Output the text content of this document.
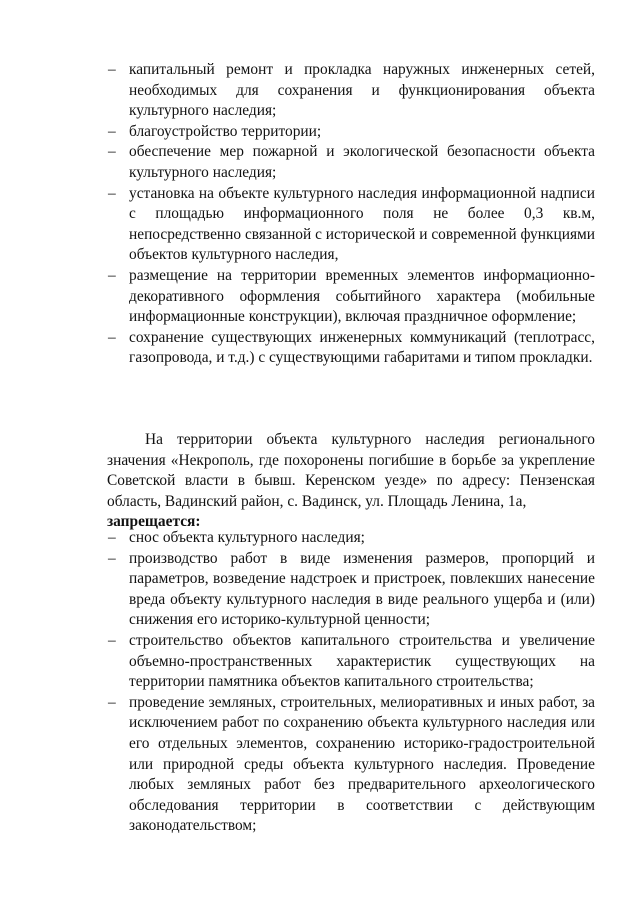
– капитальный ремонт и прокладка наружных инженерных сетей, необходимых для сохранения и функционирования объекта культурного наследия;
– благоустройство территории;
– обеспечение мер пожарной и экологической безопасности объекта культурного наследия;
– установка на объекте культурного наследия информационной надписи с площадью информационного поля не более 0,3 кв.м, непосредственно связанной с исторической и современной функциями объектов культурного наследия,
– размещение на территории временных элементов информационно-декоративного оформления событийного характера (мобильные информационные конструкции), включая праздничное оформление;
– сохранение существующих инженерных коммуникаций (теплотрасс, газопровода, и т.д.) с существующими габаритами и типом прокладки.

На территории объекта культурного наследия регионального значения «Некрополь, где похоронены погибшие в борьбе за укрепление Советской власти в бывш. Керенском уезде» по адресу: Пензенская область, Вадинский район, с. Вадинск, ул. Площадь Ленина, 1а,
запрещается:

– снос объекта культурного наследия;
– производство работ в виде изменения размеров, пропорций и параметров, возведение надстроек и пристроек, повлекших нанесение вреда объекту культурного наследия в виде реального ущерба и (или) снижения его историко-культурной ценности;
– строительство объектов капитального строительства и увеличение объемно-пространственных характеристик существующих на территории памятника объектов капитального строительства;
– проведение земляных, строительных, мелиоративных и иных работ, за исключением работ по сохранению объекта культурного наследия или его отдельных элементов, сохранению историко-градостроительной или природной среды объекта культурного наследия. Проведение любых земляных работ без предварительного археологического обследования территории в соответствии с действующим законодательством;
